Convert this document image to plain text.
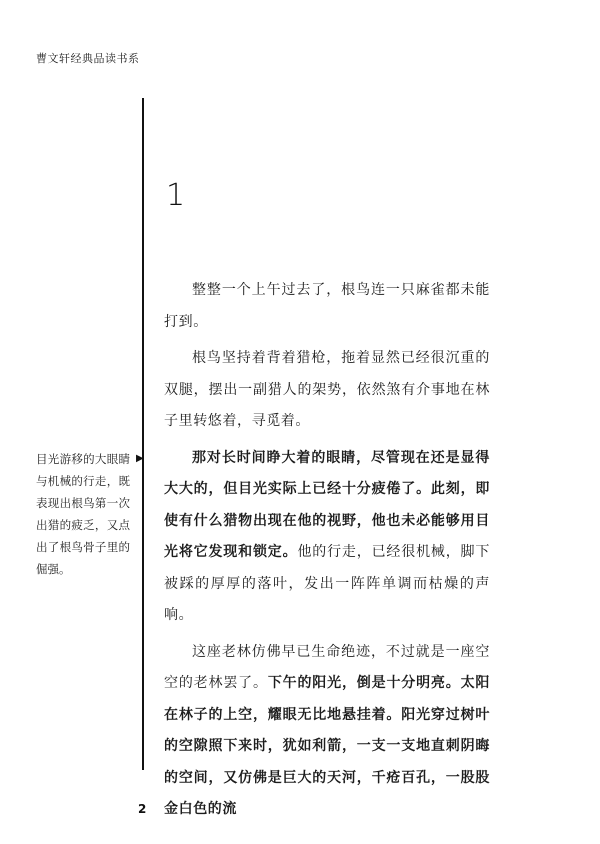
曹文轩经典品读书系
1
目光游移的大眼睛与机械的行走，既表现出根鸟第一次出猎的疲乏，又点出了根鸟骨子里的倔强。
▶

整整一个上午过去了，根鸟连一只麻雀都未能打到。

根鸟坚持着背着猎枪，拖着显然已经很沉重的双腿，摆出一副猎人的架势，依然煞有介事地在林子里转悠着，寻觅着。

那对长时间睁大着的眼睛，尽管现在还是显得大大的，但目光实际上已经十分疲倦了。此刻，即使有什么猎物出现在他的视野，他也未必能够用目光将它发现和锁定。他的行走，已经很机械，脚下被踩的厚厚的落叶，发出一阵阵单调而枯燥的声响。

这座老林仿佛早已生命绝迹，不过就是一座空空的老林罢了。下午的阳光，倒是十分明亮。太阳在林子的上空，耀眼无比地悬挂着。阳光穿过树叶的空隙照下来时，犹如利箭，一支一支地直刺阴晦的空间，又仿佛是巨大的天河，千疮百孔，一股股金白色的流

2
